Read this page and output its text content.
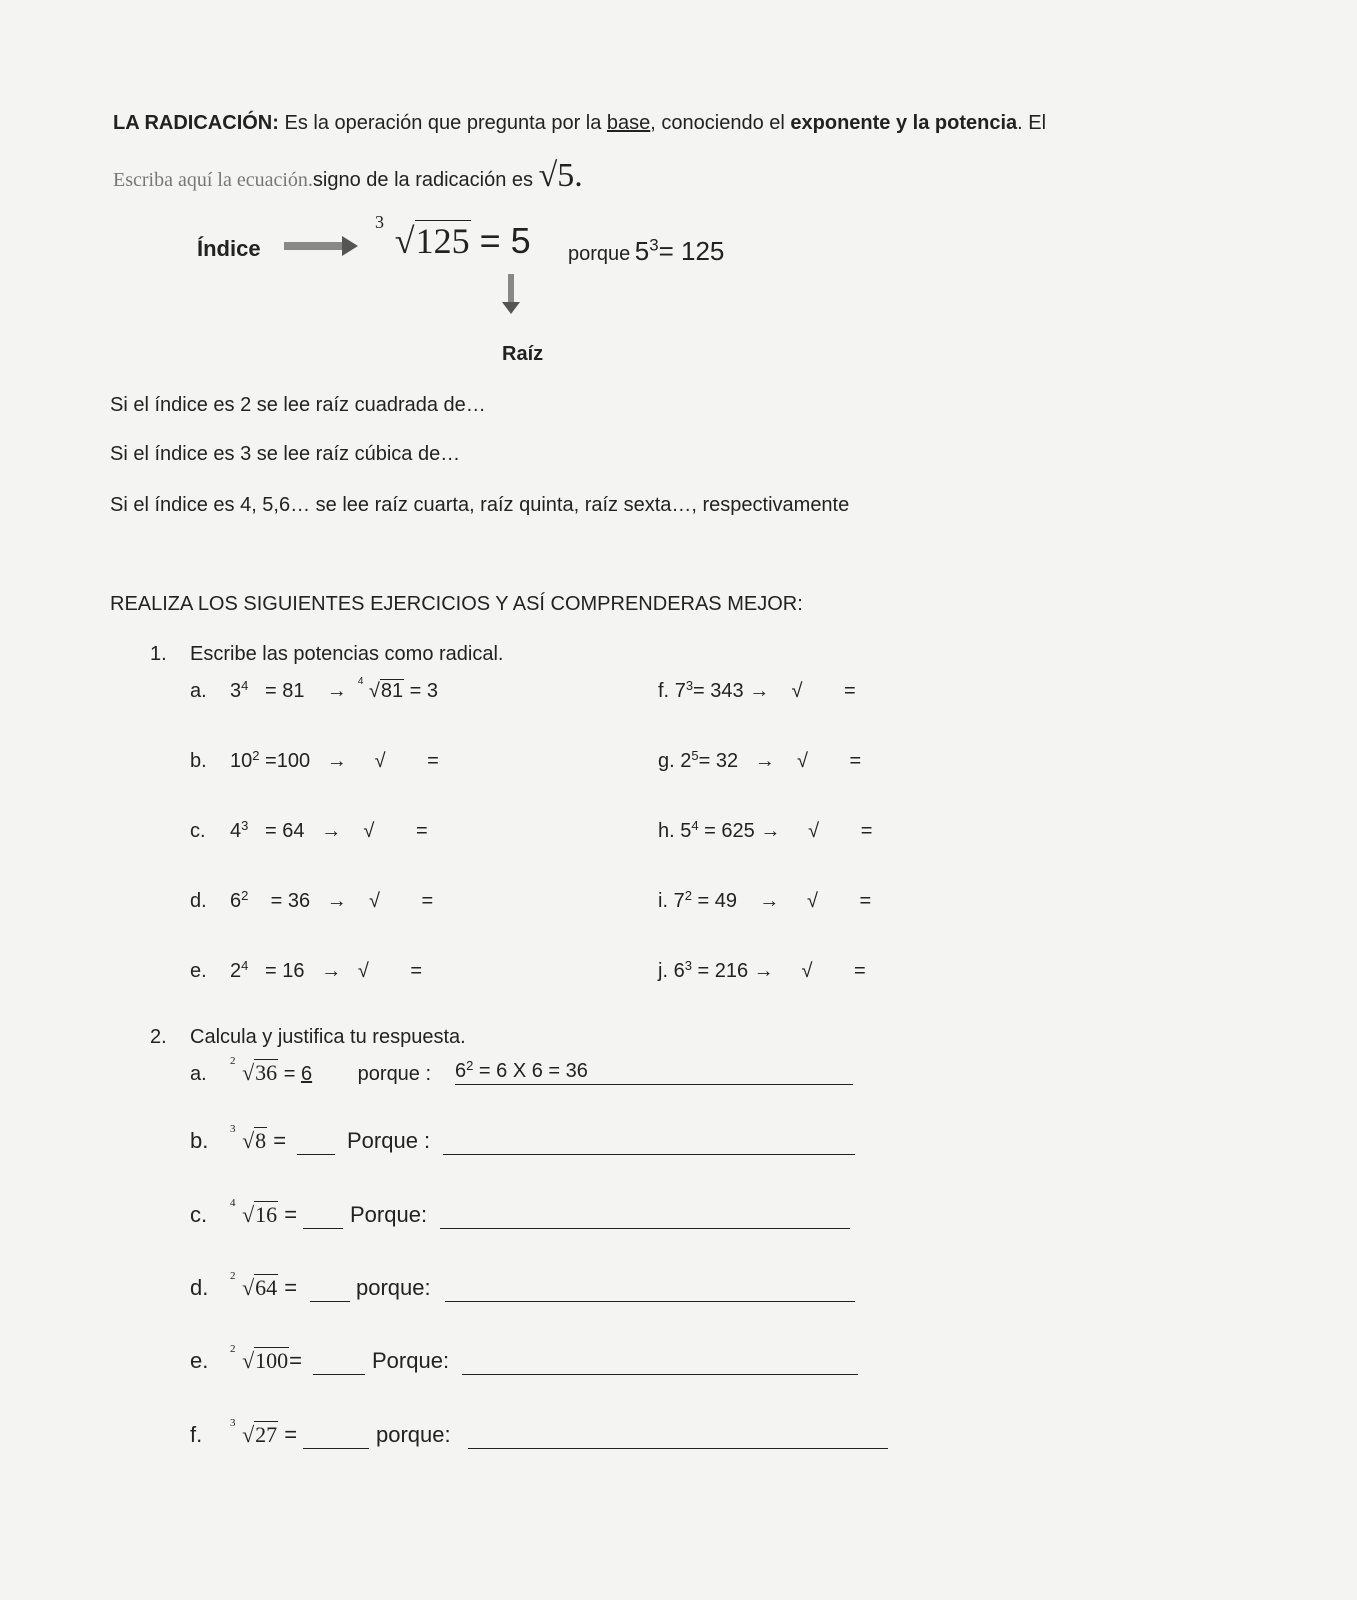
LA RADICACIÓN: Es la operación que pregunta por la base, conociendo el exponente y la potencia. El
Escriba aquí la ecuación.signo de la radicación es √5.
Índice
3 √125 = 5 porque $5^3= 125$
Raíz
Si el índice es 2 se lee raíz cuadrada de…
Si el índice es 3 se lee raíz cúbica de…
Si el índice es 4, 5,6… se lee raíz cuarta, raíz quinta, raíz sexta…, respectivamente
REALIZA LOS SIGUIENTES EJERCICIOS Y ASÍ COMPRENDERAS MEJOR:
1. Escribe las potencias como radical.
a. $3^4 = 81 \to 4$ √81 = 3
b. $10^2 =100$ → √ =
c. $4^3 = 64$ → √ =
d. $6^2 = 36$ → √ =
e. $2^4 = 16$ → √ =
f. $7^3= 343$ → √ =
g. $2^5= 32$ → √ =
h. $5^4 = 625$ → √ =
i. $7^2 = 49$ → √ =
j. $6^3 = 216$ → √ =
2. Calcula y justifica tu respuesta.
a.
2 √36 = 6 porque : $6^2 = 6$ X 6 = 36
b. 3 √8 =	Porque :
c. 4 √16 = Porque:
d. 2 √64 =	porque:
e. 2 √100=	Porque:
f.	3 √27 =	porque:
